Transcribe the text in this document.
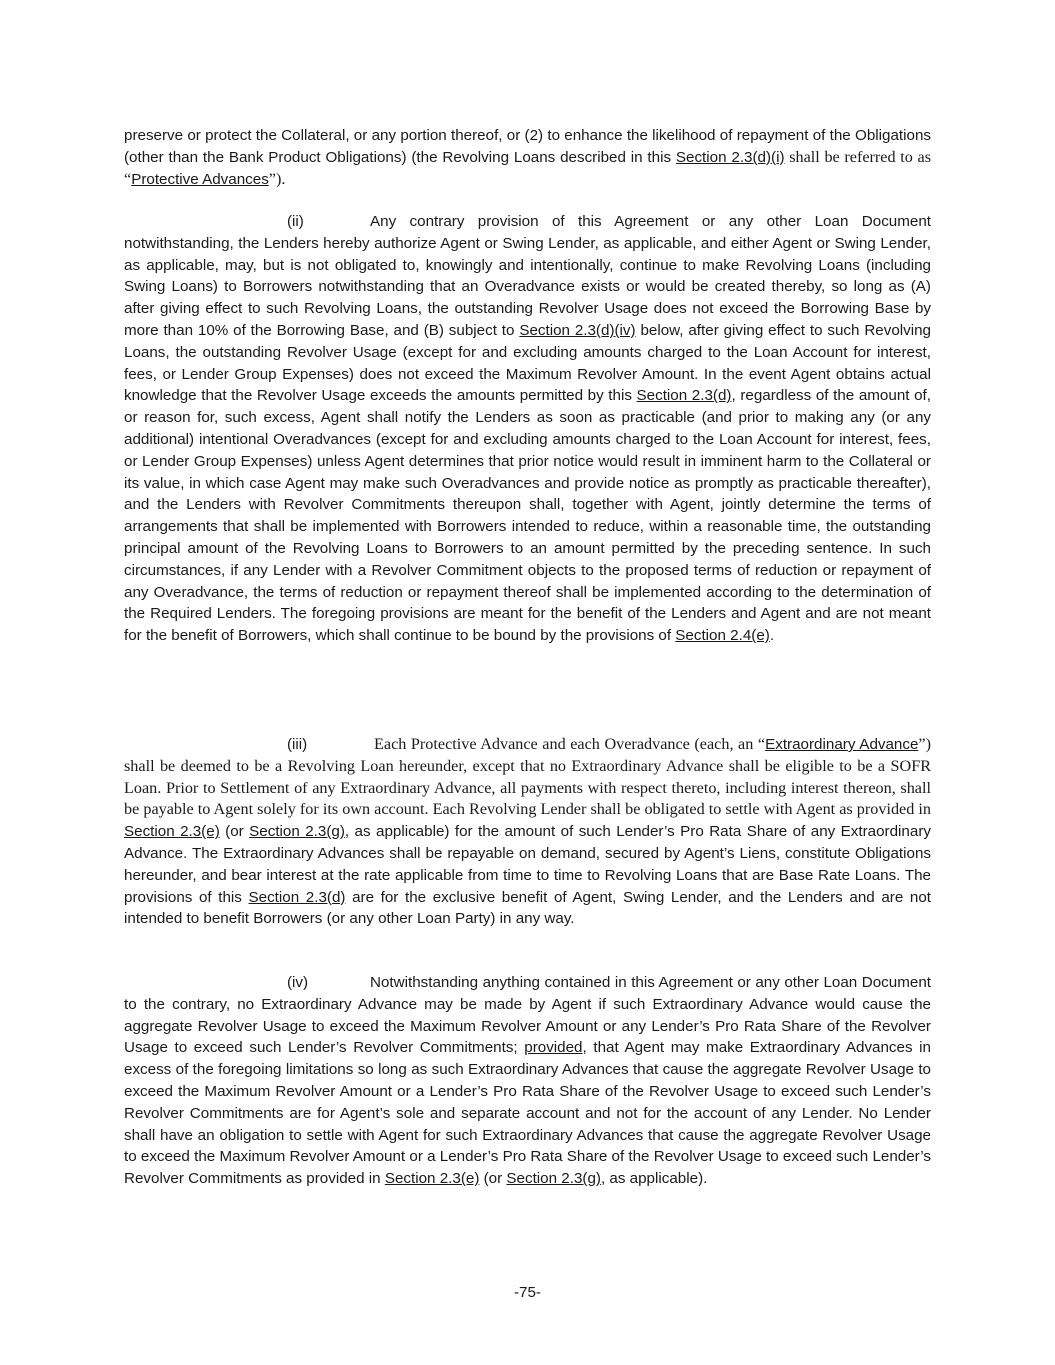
preserve or protect the Collateral, or any portion thereof, or (2) to enhance the likelihood of repayment of the Obligations (other than the Bank Product Obligations) (the Revolving Loans described in this Section 2.3(d)(i) shall be referred to as “Protective Advances”).

(ii)	Any contrary provision of this Agreement or any other Loan Document notwithstanding, the Lenders hereby authorize Agent or Swing Lender, as applicable, and either Agent or Swing Lender, as applicable, may, but is not obligated to, knowingly and intentionally, continue to make Revolving Loans (including Swing Loans) to Borrowers notwithstanding that an Overadvance exists or would be created thereby, so long as (A) after giving effect to such Revolving Loans, the outstanding Revolver Usage does not exceed the Borrowing Base by more than 10% of the Borrowing Base, and (B) subject to Section 2.3(d)(iv) below, after giving effect to such Revolving Loans, the outstanding Revolver Usage (except for and excluding amounts charged to the Loan Account for interest, fees, or Lender Group Expenses) does not exceed the Maximum Revolver Amount. In the event Agent obtains actual knowledge that the Revolver Usage exceeds the amounts permitted by this Section 2.3(d), regardless of the amount of, or reason for, such excess, Agent shall notify the Lenders as soon as practicable (and prior to making any (or any additional) intentional Overadvances (except for and excluding amounts charged to the Loan Account for interest, fees, or Lender Group Expenses) unless Agent determines that prior notice would result in imminent harm to the Collateral or its value, in which case Agent may make such Overadvances and provide notice as promptly as practicable thereafter), and the Lenders with Revolver Commitments thereupon shall, together with Agent, jointly determine the terms of arrangements that shall be implemented with Borrowers intended to reduce, within a reasonable time, the outstanding principal amount of the Revolving Loans to Borrowers to an amount permitted by the preceding sentence. In such circumstances, if any Lender with a Revolver Commitment objects to the proposed terms of reduction or repayment of any Overadvance, the terms of reduction or repayment thereof shall be implemented according to the determination of the Required Lenders. The foregoing provisions are meant for the benefit of the Lenders and Agent and are not meant for the benefit of Borrowers, which shall continue to be bound by the provisions of Section 2.4(e).

(iii)	Each Protective Advance and each Overadvance (each, an “Extraordinary Advance”) shall be deemed to be a Revolving Loan hereunder, except that no Extraordinary Advance shall be eligible to be a SOFR Loan. Prior to Settlement of any Extraordinary Advance, all payments with respect thereto, including interest thereon, shall be payable to Agent solely for its own account. Each Revolving Lender shall be obligated to settle with Agent as provided in Section 2.3(e) (or Section 2.3(g), as applicable) for the amount of such Lender’s Pro Rata Share of any Extraordinary Advance. The Extraordinary Advances shall be repayable on demand, secured by Agent’s Liens, constitute Obligations hereunder, and bear interest at the rate applicable from time to time to Revolving Loans that are Base Rate Loans. The provisions of this Section 2.3(d) are for the exclusive benefit of Agent, Swing Lender, and the Lenders and are not intended to benefit Borrowers (or any other Loan Party) in any way.

(iv)	Notwithstanding anything contained in this Agreement or any other Loan Document to the contrary, no Extraordinary Advance may be made by Agent if such Extraordinary Advance would cause the aggregate Revolver Usage to exceed the Maximum Revolver Amount or any Lender’s Pro Rata Share of the Revolver Usage to exceed such Lender’s Revolver Commitments; provided, that Agent may make Extraordinary Advances in excess of the foregoing limitations so long as such Extraordinary Advances that cause the aggregate Revolver Usage to exceed the Maximum Revolver Amount or a Lender’s Pro Rata Share of the Revolver Usage to exceed such Lender’s Revolver Commitments are for Agent’s sole and separate account and not for the account of any Lender. No Lender shall have an obligation to settle with Agent for such Extraordinary Advances that cause the aggregate Revolver Usage to exceed the Maximum Revolver Amount or a Lender’s Pro Rata Share of the Revolver Usage to exceed such Lender’s Revolver Commitments as provided in Section 2.3(e) (or Section 2.3(g), as applicable).

-75-
